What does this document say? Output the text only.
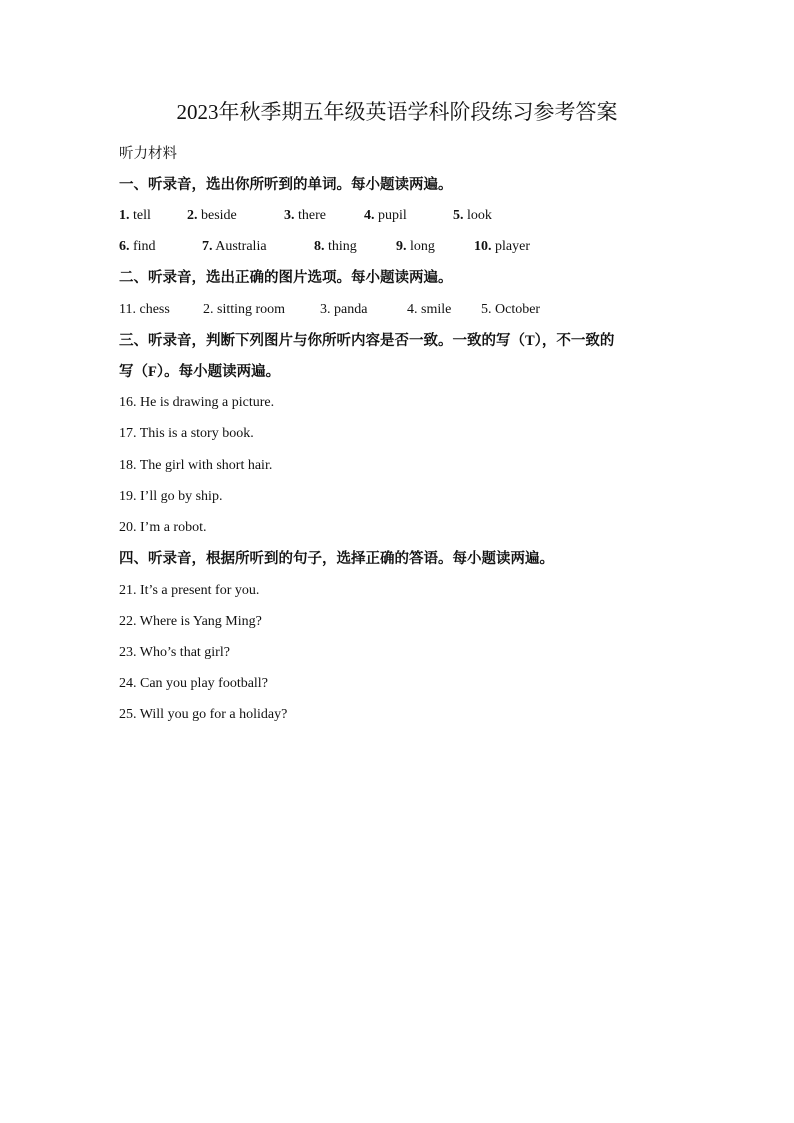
2023年秋季期五年级英语学科阶段练习参考答案
听力材料
一、听录音，选出你所听到的单词。每小题读两遍。
1. tell	2. beside	3. there	4. pupil	5. look
6. find	7. Australia	8. thing	9. long	10. player
二、听录音，选出正确的图片选项。每小题读两遍。
11. chess 2. sitting room 3. panda	4. smile 5. October
三、听录音，判断下列图片与你所听内容是否一致。一致的写（T），不一致的
写（F）。每小题读两遍。
16. He is drawing a picture.
17. This is a story book.
18. The girl with short hair.
19. I’ll go by ship.
20. I’m a robot.
四、听录音，根据所听到的句子，选择正确的答语。每小题读两遍。
21. It’s a present for you.
22. Where is Yang Ming?
23. Who’s that girl?
24. Can you play football?
25. Will you go for a holiday?
